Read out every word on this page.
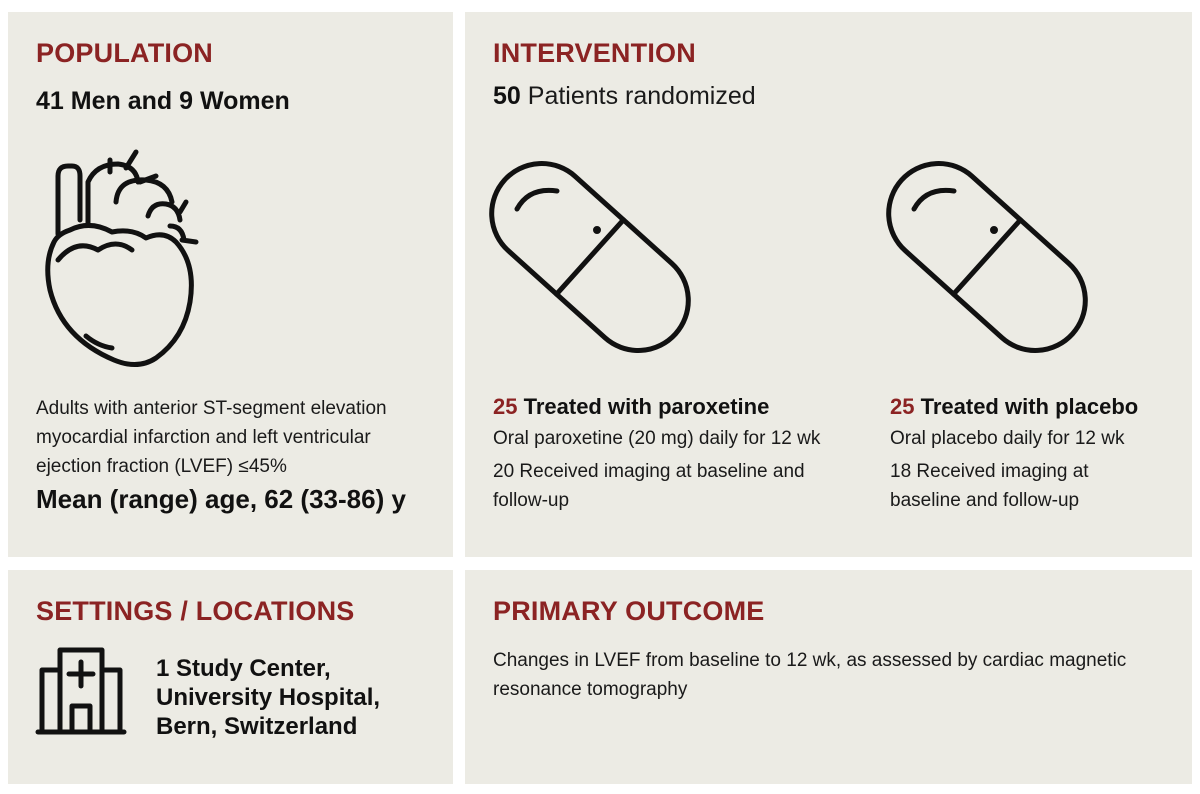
POPULATION
41 Men and 9 Women
Adults with anterior ST-segment elevation myocardial infarction and left ventricular ejection fraction (LVEF) ≤45%
Mean (range) age, 62 (33-86) y
INTERVENTION
50 Patients randomized
25 Treated with paroxetine
Oral paroxetine (20 mg) daily for 12 wk
20 Received imaging at baseline and follow-up
25 Treated with placebo
Oral placebo daily for 12 wk
18 Received imaging at baseline and follow-up
SETTINGS / LOCATIONS
1 Study Center,
University Hospital,
Bern, Switzerland
PRIMARY OUTCOME
Changes in LVEF from baseline to 12 wk, as assessed by cardiac magnetic resonance tomography
